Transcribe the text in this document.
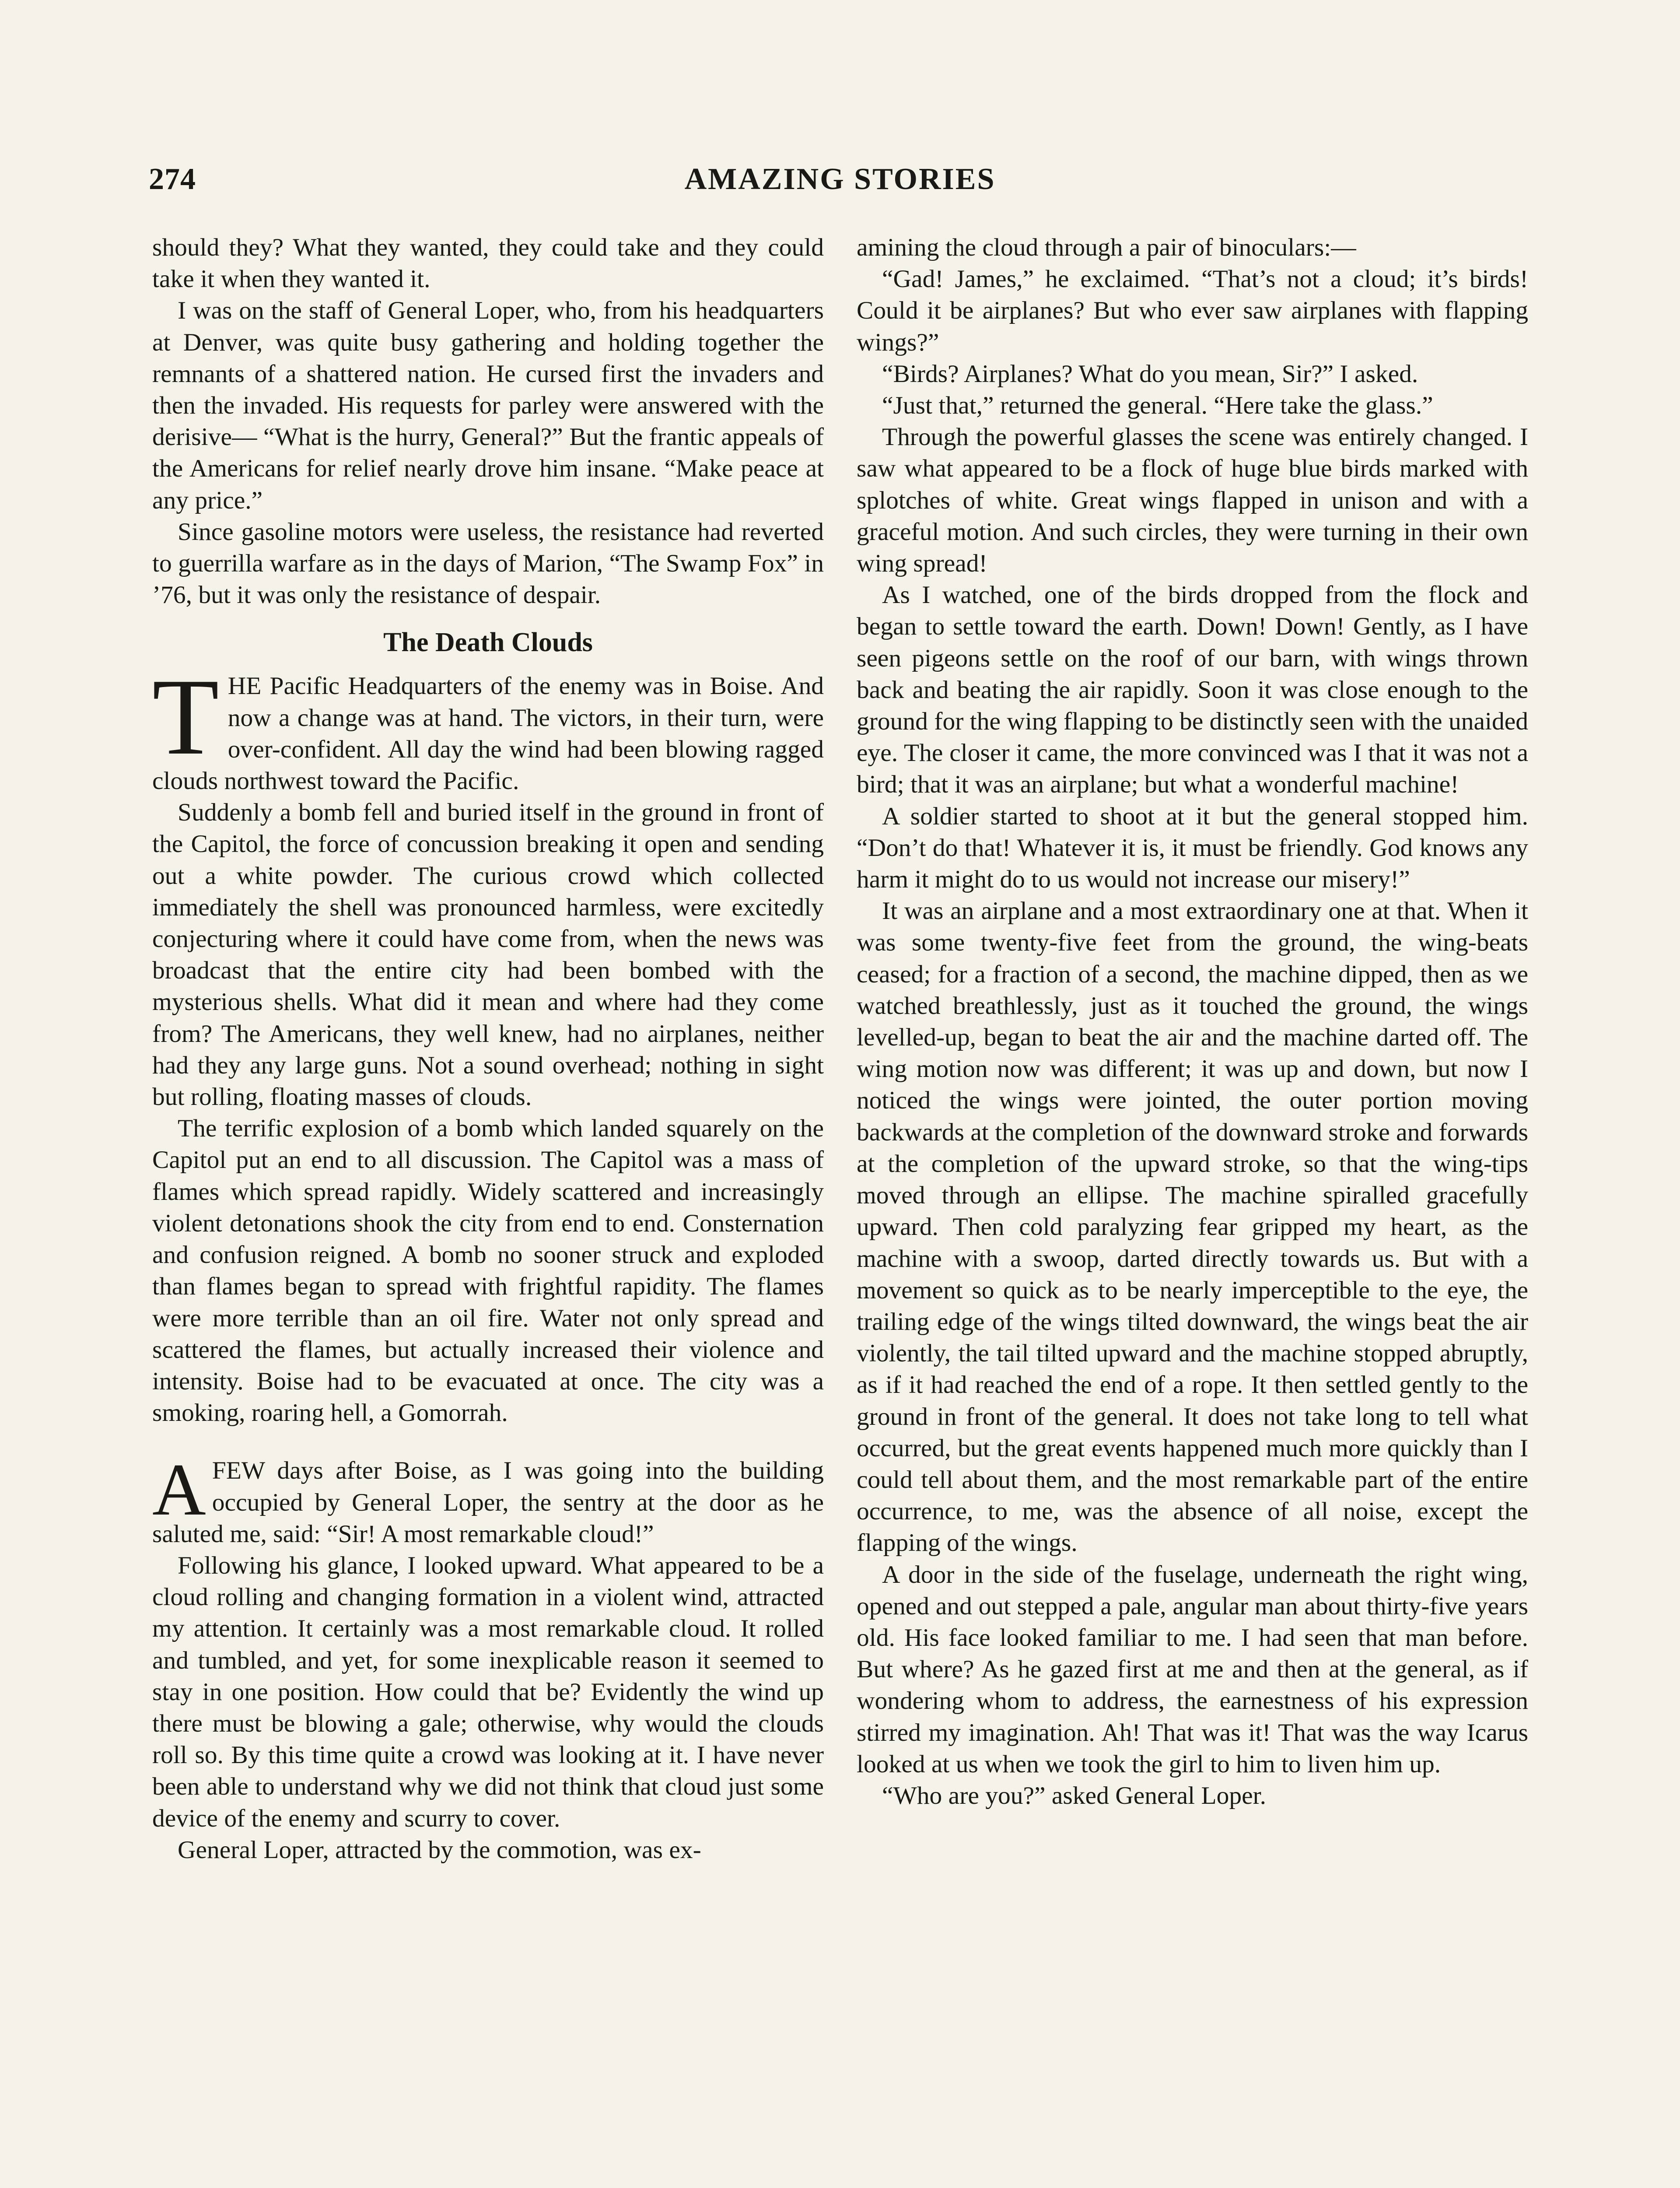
AMAZING STORIES
274

should they? What they wanted, they could take and they could take it when they wanted it.

I was on the staff of General Loper, who, from his headquarters at Denver, was quite busy gathering and holding together the remnants of a shattered nation. He cursed first the invaders and then the invaded. His requests for parley were answered with the derisive— “What is the hurry, General?” But the frantic appeals of the Americans for relief nearly drove him insane. “Make peace at any price.”

Since gasoline motors were useless, the resistance had reverted to guerrilla warfare as in the days of Marion, “The Swamp Fox” in ’76, but it was only the resistance of despair.

The Death Clouds

THE Pacific Headquarters of the enemy was in Boise. And now a change was at hand. The victors, in their turn, were over-confident. All day the wind had been blowing ragged clouds northwest toward the Pacific.

Suddenly a bomb fell and buried itself in the ground in front of the Capitol, the force of concussion breaking it open and sending out a white powder. The curious crowd which collected immediately the shell was pronounced harmless, were excitedly conjecturing where it could have come from, when the news was broadcast that the entire city had been bombed with the mysterious shells. What did it mean and where had they come from? The Americans, they well knew, had no airplanes, neither had they any large guns. Not a sound overhead; nothing in sight but rolling, floating masses of clouds.

The terrific explosion of a bomb which landed squarely on the Capitol put an end to all discussion. The Capitol was a mass of flames which spread rapidly. Widely scattered and increasingly violent detonations shook the city from end to end. Consternation and confusion reigned. A bomb no sooner struck and exploded than flames began to spread with frightful rapidity. The flames were more terrible than an oil fire. Water not only spread and scattered the flames, but actually increased their violence and intensity. Boise had to be evacuated at once. The city was a smoking, roaring hell, a Gomorrah.

AFEW days after Boise, as I was going into the building occupied by General Loper, the sentry at the door as he saluted me, said: “Sir! A most remarkable cloud!”

Following his glance, I looked upward. What appeared to be a cloud rolling and changing formation in a violent wind, attracted my attention. It certainly was a most remarkable cloud. It rolled and tumbled, and yet, for some inexplicable reason it seemed to stay in one position. How could that be? Evidently the wind up there must be blowing a gale; otherwise, why would the clouds roll so. By this time quite a crowd was looking at it. I have never been able to understand why we did not think that cloud just some device of the enemy and scurry to cover.

General Loper, attracted by the commotion, was ex-

amining the cloud through a pair of binoculars:—

“Gad! James,” he exclaimed. “That’s not a cloud; it’s birds! Could it be airplanes? But who ever saw airplanes with flapping wings?”

“Birds? Airplanes? What do you mean, Sir?” I asked.

“Just that,” returned the general. “Here take the glass.”

Through the powerful glasses the scene was entirely changed. I saw what appeared to be a flock of huge blue birds marked with splotches of white. Great wings flapped in unison and with a graceful motion. And such circles, they were turning in their own wing spread!

As I watched, one of the birds dropped from the flock and began to settle toward the earth. Down! Down! Gently, as I have seen pigeons settle on the roof of our barn, with wings thrown back and beating the air rapidly. Soon it was close enough to the ground for the wing flapping to be distinctly seen with the unaided eye. The closer it came, the more convinced was I that it was not a bird; that it was an airplane; but what a wonderful machine!

A soldier started to shoot at it but the general stopped him. “Don’t do that! Whatever it is, it must be friendly. God knows any harm it might do to us would not increase our misery!”

It was an airplane and a most extraordinary one at that. When it was some twenty-five feet from the ground, the wing-beats ceased; for a fraction of a second, the machine dipped, then as we watched breathlessly, just as it touched the ground, the wings levelled-up, began to beat the air and the machine darted off. The wing motion now was different; it was up and down, but now I noticed the wings were jointed, the outer portion moving backwards at the completion of the downward stroke and forwards at the completion of the upward stroke, so that the wing-tips moved through an ellipse. The machine spiralled gracefully upward. Then cold paralyzing fear gripped my heart, as the machine with a swoop, darted directly towards us. But with a movement so quick as to be nearly imperceptible to the eye, the trailing edge of the wings tilted downward, the wings beat the air violently, the tail tilted upward and the machine stopped abruptly, as if it had reached the end of a rope. It then settled gently to the ground in front of the general. It does not take long to tell what occurred, but the great events happened much more quickly than I could tell about them, and the most remarkable part of the entire occurrence, to me, was the absence of all noise, except the flapping of the wings.

A door in the side of the fuselage, underneath the right wing, opened and out stepped a pale, angular man about thirty-five years old. His face looked familiar to me. I had seen that man before. But where? As he gazed first at me and then at the general, as if wondering whom to address, the earnestness of his expression stirred my imagination. Ah! That was it! That was the way Icarus looked at us when we took the girl to him to liven him up.

“Who are you?” asked General Loper.
